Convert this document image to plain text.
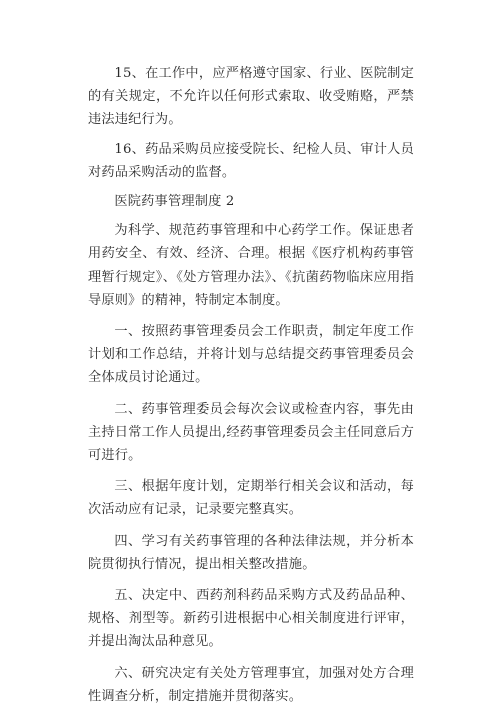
15、在工作中，应严格遵守国家、行业、医院制定的有关规定，不允许以任何形式索取、收受贿赂，严禁违法违纪行为。

16、药品采购员应接受院长、纪检人员、审计人员对药品采购活动的监督。

医院药事管理制度 2

为科学、规范药事管理和中心药学工作。保证患者用药安全、有效、经济、合理。根据《医疗机构药事管理暂行规定》、《处方管理办法》、《抗菌药物临床应用指导原则》的精神，特制定本制度。

一、按照药事管理委员会工作职责，制定年度工作计划和工作总结，并将计划与总结提交药事管理委员会全体成员讨论通过。

二、药事管理委员会每次会议或检查内容，事先由主持日常工作人员提出,经药事管理委员会主任同意后方可进行。

三、根据年度计划，定期举行相关会议和活动，每次活动应有记录，记录要完整真实。

四、学习有关药事管理的各种法律法规，并分析本院贯彻执行情况，提出相关整改措施。

五、决定中、西药剂科药品采购方式及药品品种、规格、剂型等。新药引进根据中心相关制度进行评审，并提出淘汰品种意见。

六、研究决定有关处方管理事宜，加强对处方合理性调查分析，制定措施并贯彻落实。
